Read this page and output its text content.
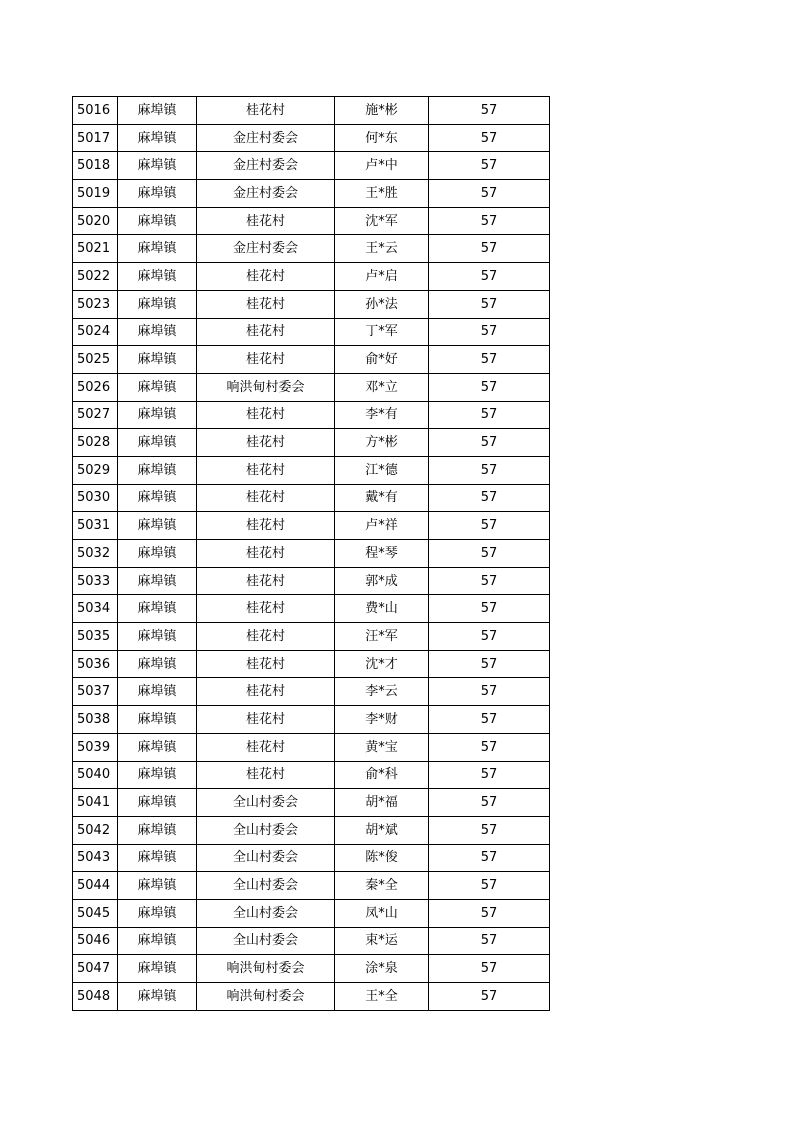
5016	麻埠镇	桂花村	施*彬	57
5017	麻埠镇	金庄村委会	何*东	57
5018	麻埠镇	金庄村委会	卢*中	57
5019	麻埠镇	金庄村委会	王*胜	57
5020	麻埠镇	桂花村	沈*军	57
5021	麻埠镇	金庄村委会	王*云	57
5022	麻埠镇	桂花村	卢*启	57
5023	麻埠镇	桂花村	孙*法	57
5024	麻埠镇	桂花村	丁*军	57
5025	麻埠镇	桂花村	俞*好	57
5026	麻埠镇	响洪甸村委会	邓*立	57
5027	麻埠镇	桂花村	李*有	57
5028	麻埠镇	桂花村	方*彬	57
5029	麻埠镇	桂花村	江*德	57
5030	麻埠镇	桂花村	戴*有	57
5031	麻埠镇	桂花村	卢*祥	57
5032	麻埠镇	桂花村	程*琴	57
5033	麻埠镇	桂花村	郭*成	57
5034	麻埠镇	桂花村	费*山	57
5035	麻埠镇	桂花村	汪*军	57
5036	麻埠镇	桂花村	沈*才	57
5037	麻埠镇	桂花村	李*云	57
5038	麻埠镇	桂花村	李*财	57
5039	麻埠镇	桂花村	黄*宝	57
5040	麻埠镇	桂花村	俞*科	57
5041	麻埠镇	全山村委会	胡*福	57
5042	麻埠镇	全山村委会	胡*斌	57
5043	麻埠镇	全山村委会	陈*俊	57
5044	麻埠镇	全山村委会	秦*全	57
5045	麻埠镇	全山村委会	凤*山	57
5046	麻埠镇	全山村委会	束*运	57
5047	麻埠镇	响洪甸村委会	涂*泉	57
5048	麻埠镇	响洪甸村委会	王*全	57
